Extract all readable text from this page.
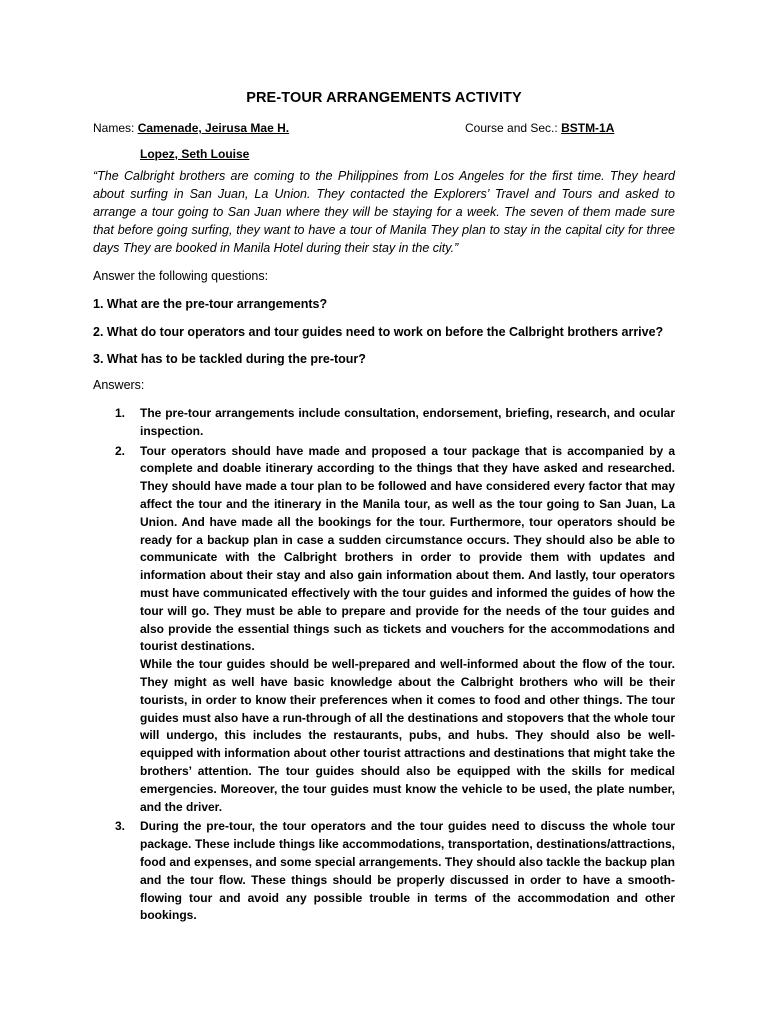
PRE-TOUR ARRANGEMENTS ACTIVITY
Names: Camenade, Jeirusa Mae H.	Course and Sec.: BSTM-1A
Lopez, Seth Louise
“The Calbright brothers are coming to the Philippines from Los Angeles for the first time. They heard about surfing in San Juan, La Union. They contacted the Explorers’ Travel and Tours and asked to arrange a tour going to San Juan where they will be staying for a week. The seven of them made sure that before going surfing, they want to have a tour of Manila They plan to stay in the capital city for three days They are booked in Manila Hotel during their stay in the city.”
Answer the following questions:
1. What are the pre-tour arrangements?
2. What do tour operators and tour guides need to work on before the Calbright brothers arrive?
3. What has to be tackled during the pre-tour?
Answers:
1. The pre-tour arrangements include consultation, endorsement, briefing, research, and ocular inspection.

2. Tour operators should have made and proposed a tour package that is accompanied by a complete and doable itinerary according to the things that they have asked and researched. They should have made a tour plan to be followed and have considered every factor that may affect the tour and the itinerary in the Manila tour, as well as the tour going to San Juan, La Union. And have made all the bookings for the tour. Furthermore, tour operators should be ready for a backup plan in case a sudden circumstance occurs. They should also be able to communicate with the Calbright brothers in order to provide them with updates and information about their stay and also gain information about them. And lastly, tour operators must have communicated effectively with the tour guides and informed the guides of how the tour will go. They must be able to prepare and provide for the needs of the tour guides and also provide the essential things such as tickets and vouchers for the accommodations and tourist destinations.

While the tour guides should be well-prepared and well-informed about the flow of the tour. They might as well have basic knowledge about the Calbright brothers who will be their tourists, in order to know their preferences when it comes to food and other things. The tour guides must also have a run-through of all the destinations and stopovers that the whole tour will undergo, this includes the restaurants, pubs, and hubs. They should also be well-equipped with information about other tourist attractions and destinations that might take the brothers’ attention. The tour guides should also be equipped with the skills for medical emergencies. Moreover, the tour guides must know the vehicle to be used, the plate number, and the driver.

3. During the pre-tour, the tour operators and the tour guides need to discuss the whole tour package. These include things like accommodations, transportation, destinations/attractions, food and expenses, and some special arrangements. They should also tackle the backup plan and the tour flow. These things should be properly discussed in order to have a smooth-flowing tour and avoid any possible trouble in terms of the accommodation and other bookings.
